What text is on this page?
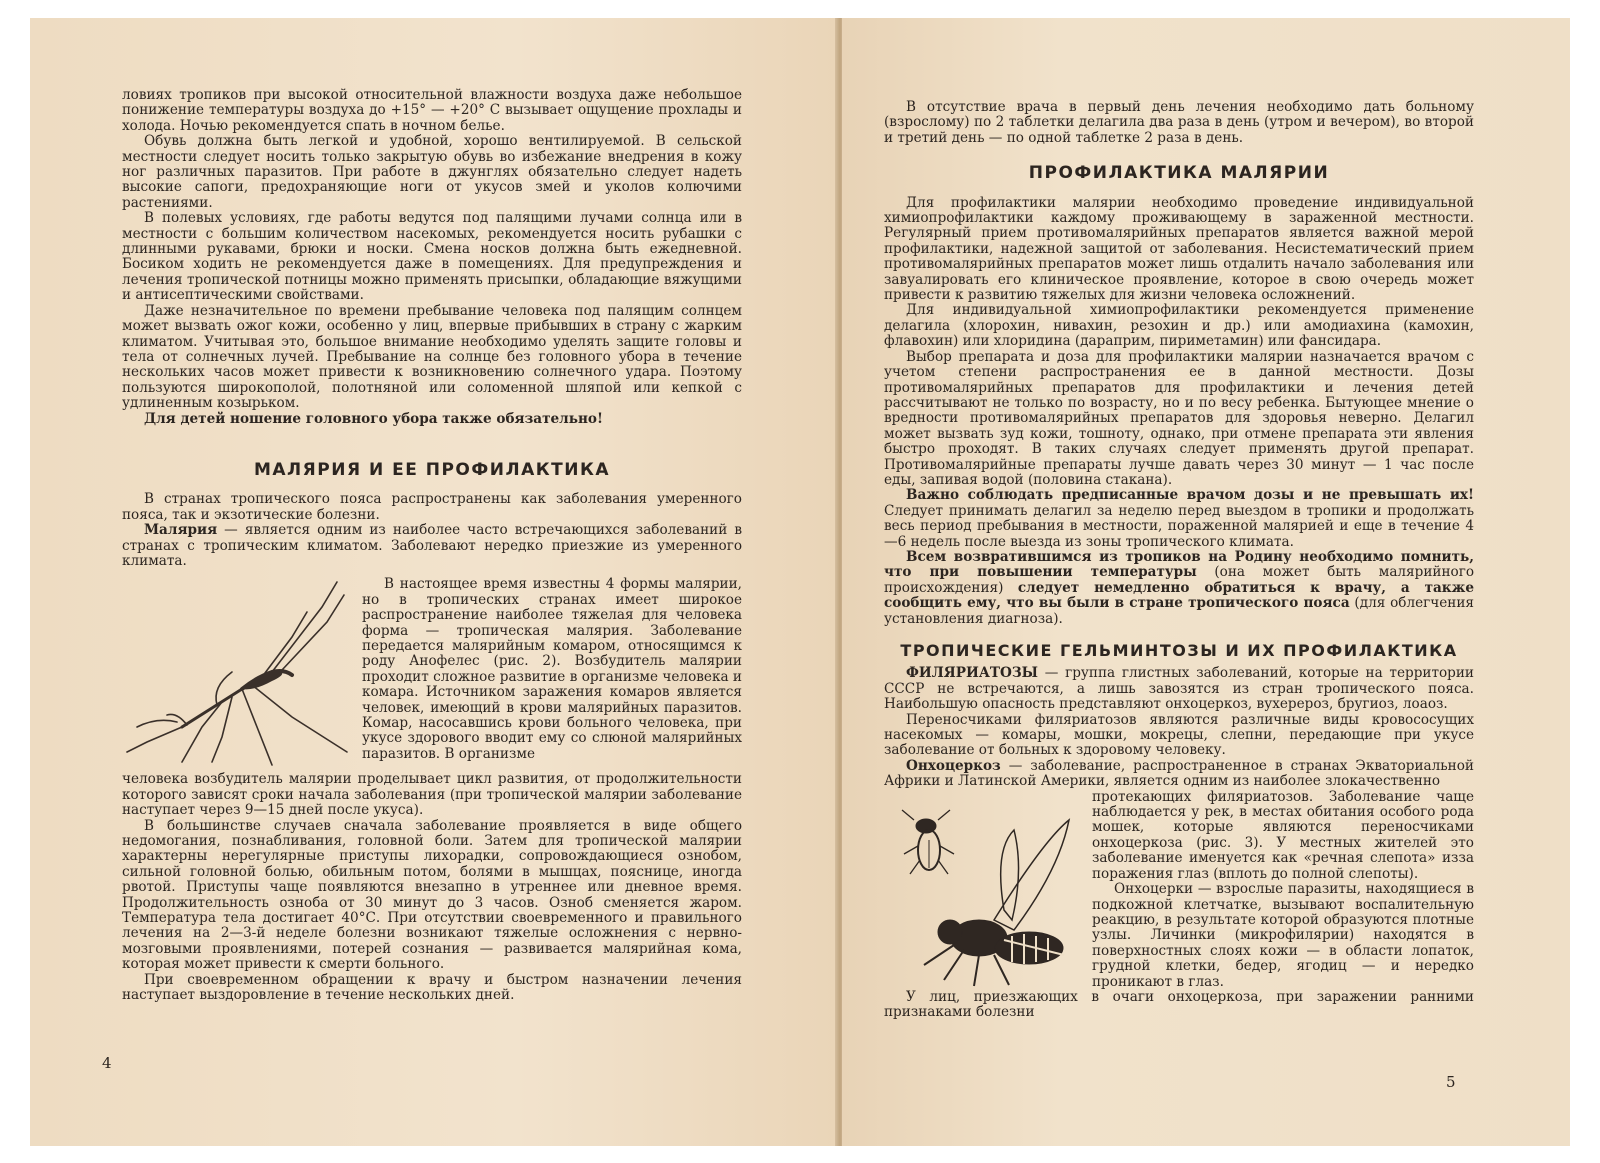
ловиях тропиков при высокой относительной влажности воздуха даже небольшое понижение температуры воздуха до +15° — +20° С вызывает ощущение прохлады и холода. Ночью рекомендуется спать в ночном белье.

Обувь должна быть легкой и удобной, хорошо вентилируемой. В сельской местности следует носить только закрытую обувь во избежание внедрения в кожу ног различных паразитов. При работе в джунглях обязательно следует надеть высокие сапоги, предохраняющие ноги от укусов змей и уколов колючими растениями.

В полевых условиях, где работы ведутся под палящими лучами солнца или в местности с большим количеством насекомых, рекомендуется носить рубашки с длинными рукавами, брюки и носки. Смена носков должна быть ежедневной. Босиком ходить не рекомендуется даже в помещениях. Для предупреждения и лечения тропической потницы можно применять присыпки, обладающие вяжущими и антисептическими свойствами.

Даже незначительное по времени пребывание человека под палящим солнцем может вызвать ожог кожи, особенно у лиц, впервые прибывших в страну с жарким климатом. Учитывая это, большое внимание необходимо уделять защите головы и тела от солнечных лучей. Пребывание на солнце без головного убора в течение нескольких часов может привести к возникновению солнечного удара. Поэтому пользуются широкополой, полотняной или соломенной шляпой или кепкой с удлиненным козырьком.

Для детей ношение головного убора также обязательно!

МАЛЯРИЯ И ЕЕ ПРОФИЛАКТИКА

В странах тропического пояса распространены как заболевания умеренного пояса, так и экзотические болезни.

Малярия — является одним из наиболее часто встречающихся заболеваний в странах с тропическим климатом. Заболевают нередко приезжие из умеренного климата.

В настоящее время известны 4 формы малярии, но в тропических странах имеет широкое распространение наиболее тяжелая для человека форма — тропическая малярия. Заболевание передается малярийным комаром, относящимся к роду Анофелес (рис. 2). Возбудитель малярии проходит сложное развитие в организме человека и комара. Источником заражения комаров является человек, имеющий в крови малярийных паразитов. Комар, насосавшись крови больного человека, при укусе здорового вводит ему со слюной малярийных паразитов. В организме

человека возбудитель малярии проделывает цикл развития, от продолжительности которого зависят сроки начала заболевания (при тропической малярии заболевание наступает через 9—15 дней после укуса).

В большинстве случаев сначала заболевание проявляется в виде общего недомогания, познабливания, головной боли. Затем для тропической малярии характерны нерегулярные приступы лихорадки, сопровождающиеся ознобом, сильной головной болью, обильным потом, болями в мышцах, пояснице, иногда рвотой. Приступы чаще появляются внезапно в утреннее или дневное время. Продолжительность озноба от 30 минут до 3 часов. Озноб сменяется жаром. Температура тела достигает 40°С. При отсутствии своевременного и правильного лечения на 2—3-й неделе болезни возникают тяжелые осложнения с нервно-мозговыми проявлениями, потерей сознания — развивается малярийная кома, которая может привести к смерти больного.

При своевременном обращении к врачу и быстром назначении лечения наступает выздоровление в течение нескольких дней.

4

В отсутствие врача в первый день лечения необходимо дать больному (взрослому) по 2 таблетки делагила два раза в день (утром и вечером), во второй и третий день — по одной таблетке 2 раза в день.

ПРОФИЛАКТИКА МАЛЯРИИ

Для профилактики малярии необходимо проведение индивидуальной химиопрофилактики каждому проживающему в зараженной местности. Регулярный прием противомалярийных препаратов является важной мерой профилактики, надежной защитой от заболевания. Несистематический прием противомалярийных препаратов может лишь отдалить начало заболевания или завуалировать его клиническое проявление, которое в свою очередь может привести к развитию тяжелых для жизни человека осложнений.

Для индивидуальной химиопрофилактики рекомендуется применение делагила (хлорохин, нивахин, резохин и др.) или амодиахина (камохин, флавохин) или хлоридина (дараприм, пириметамин) или фансидара.

Выбор препарата и доза для профилактики малярии назначается врачом с учетом степени распространения ее в данной местности. Дозы противомалярийных препаратов для профилактики и лечения детей рассчитывают не только по возрасту, но и по весу ребенка. Бытующее мнение о вредности противомалярийных препаратов для здоровья неверно. Делагил может вызвать зуд кожи, тошноту, однако, при отмене препарата эти явления быстро проходят. В таких случаях следует применять другой препарат. Противомалярийные препараты лучше давать через 30 минут — 1 час после еды, запивая водой (половина стакана).

Важно соблюдать предписанные врачом дозы и не превышать их! Следует принимать делагил за неделю перед выездом в тропики и продолжать весь период пребывания в местности, пораженной малярией и еще в течение 4—6 недель после выезда из зоны тропического климата.

Всем возвратившимся из тропиков на Родину необходимо помнить, что при повышении температуры (она может быть малярийного происхождения) следует немедленно обратиться к врачу, а также сообщить ему, что вы были в стране тропического пояса (для облегчения установления диагноза).

ТРОПИЧЕСКИЕ ГЕЛЬМИНТОЗЫ И ИХ ПРОФИЛАКТИКА

ФИЛЯРИАТОЗЫ — группа глистных заболеваний, которые на территории СССР не встречаются, а лишь завозятся из стран тропического пояса. Наибольшую опасность представляют онхоцеркоз, вухерероз, бругиоз, лоаоз.

Переносчиками филяриатозов являются различные виды кровососущих насекомых — комары, мошки, мокрецы, слепни, передающие при укусе заболевание от больных к здоровому человеку.

Онхоцеркоз — заболевание, распространенное в странах Экваториальной Африки и Латинской Америки, является одним из наиболее злокачественно

протекающих филяриатозов. Заболевание чаще наблюдается у рек, в местах обитания особого рода мошек, которые являются переносчиками онхоцеркоза (рис. 3). У местных жителей это заболевание именуется как «речная слепота» изза поражения глаз (вплоть до полной слепоты).

Онхоцерки — взрослые паразиты, находящиеся в подкожной клетчатке, вызывают воспалительную реакцию, в результате которой образуются плотные узлы. Личинки (микрофилярии) находятся в поверхностных слоях кожи — в области лопаток, грудной клетки, бедер, ягодиц — и нередко проникают в глаз.

У лиц, приезжающих в очаги онхоцеркоза, при заражении ранними признаками болезни

5
